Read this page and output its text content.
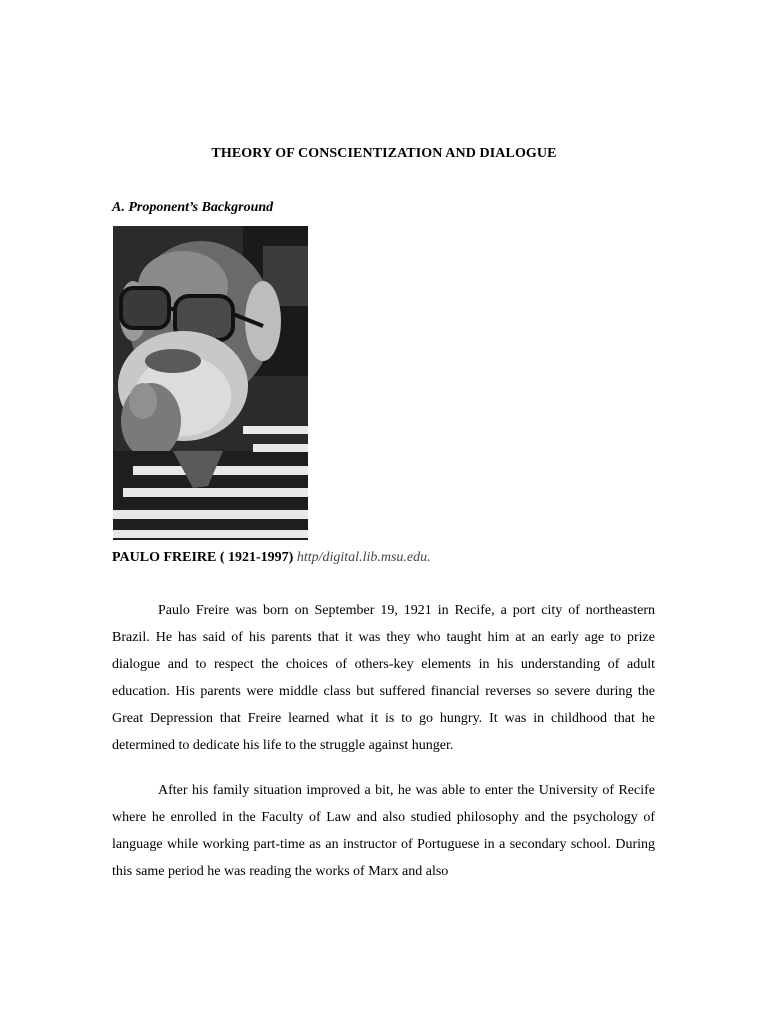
THEORY OF CONSCIENTIZATION AND DIALOGUE
A. Proponent’s Background
PAULO FREIRE ( 1921-1997) http/digital.lib.msu.edu.

Paulo Freire was born on September 19, 1921 in Recife, a port city of northeastern Brazil. He has said of his parents that it was they who taught him at an early age to prize dialogue and to respect the choices of others-key elements in his understanding of adult education. His parents were middle class but suffered financial reverses so severe during the Great Depression that Freire learned what it is to go hungry. It was in childhood that he determined to dedicate his life to the struggle against hunger.

After his family situation improved a bit, he was able to enter the University of Recife where he enrolled in the Faculty of Law and also studied philosophy and the psychology of language while working part-time as an instructor of Portuguese in a secondary school. During this same period he was reading the works of Marx and also
